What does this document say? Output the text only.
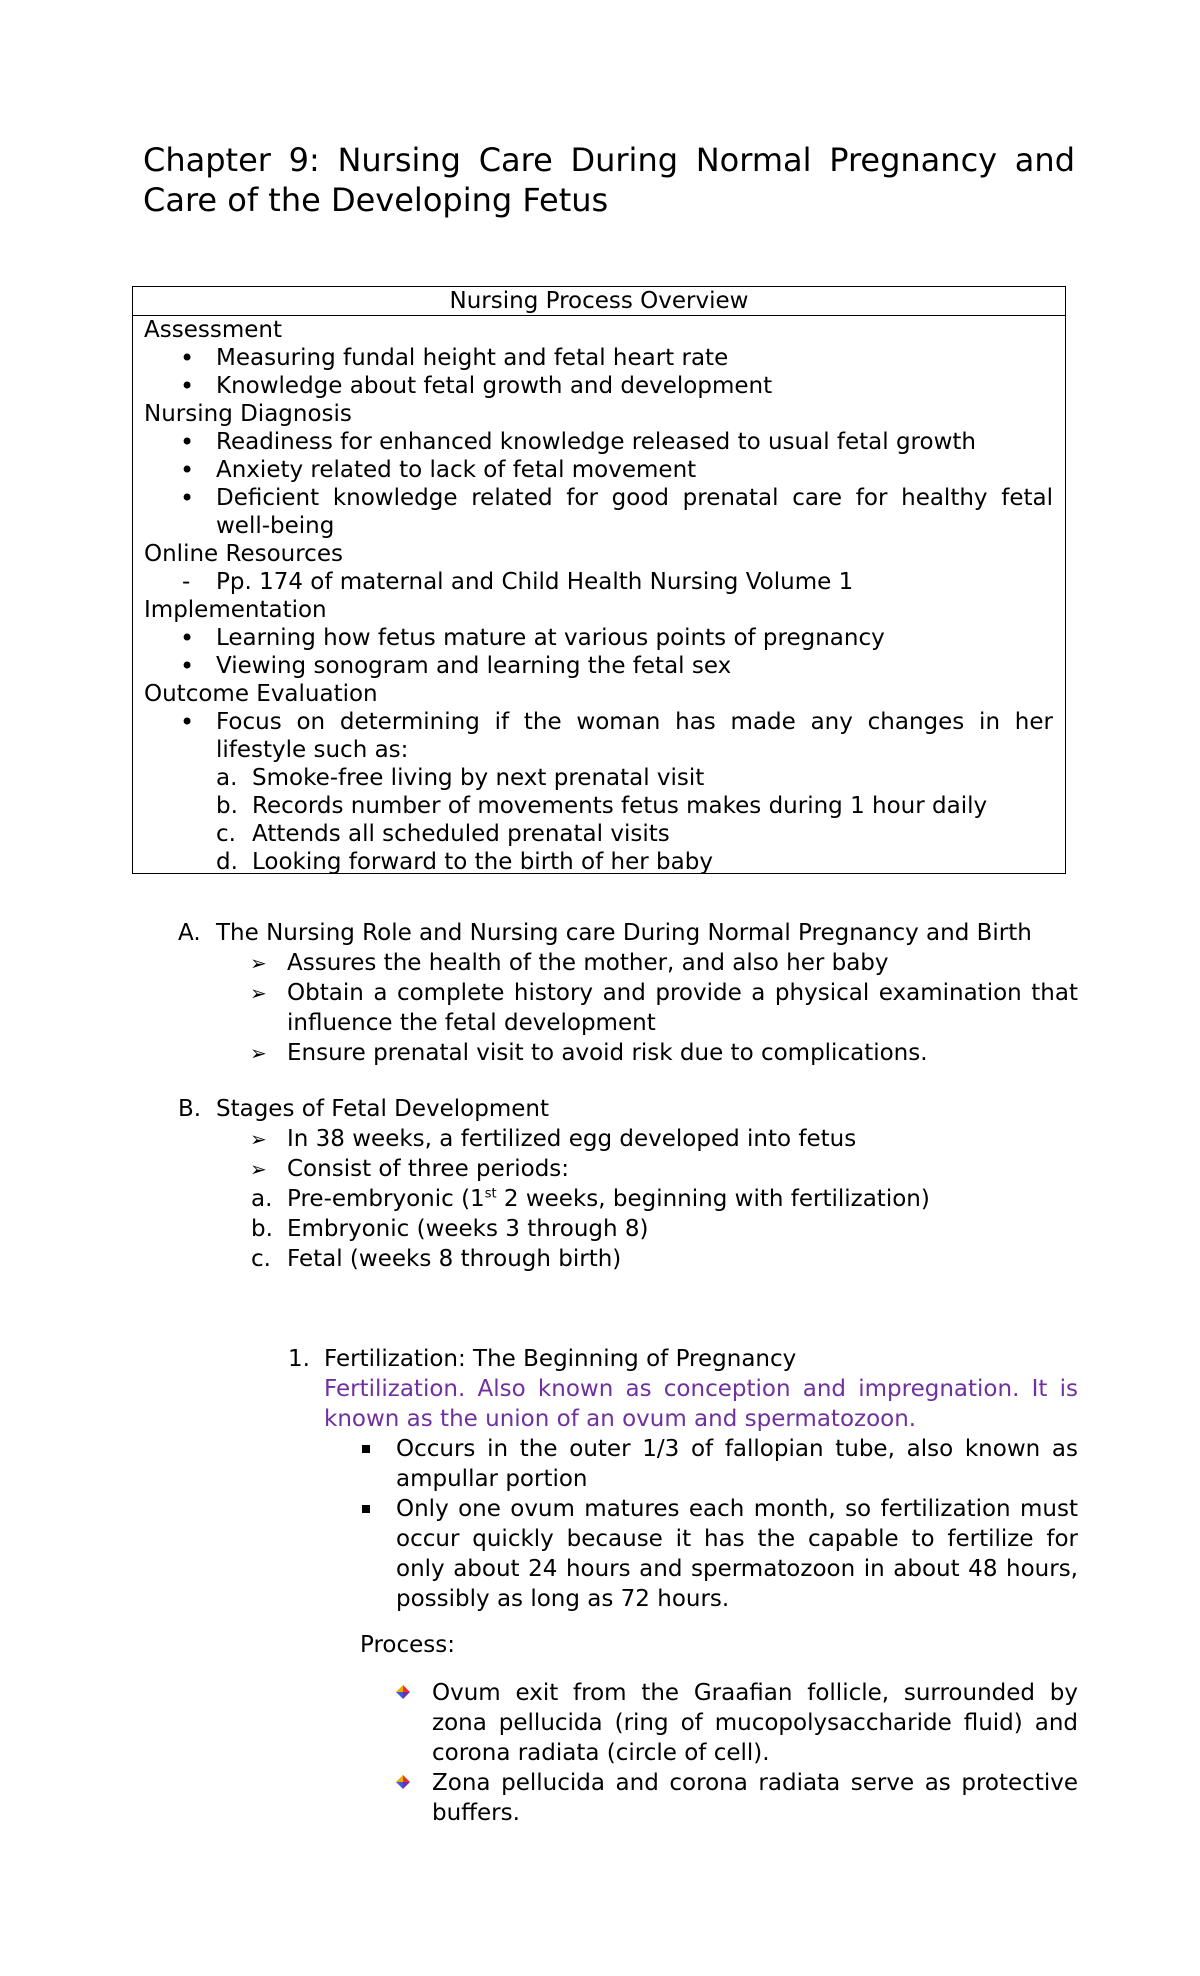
Chapter 9: Nursing Care During Normal Pregnancy and Care of the Developing Fetus
Nursing Process Overview
Assessment
• Measuring fundal height and fetal heart rate
• Knowledge about fetal growth and development
Nursing Diagnosis
• Readiness for enhanced knowledge released to usual fetal growth
• Anxiety related to lack of fetal movement
• Deficient knowledge related for good prenatal care for healthy fetal well-being
Online Resources
- Pp. 174 of maternal and Child Health Nursing Volume 1
Implementation
• Learning how fetus mature at various points of pregnancy
• Viewing sonogram and learning the fetal sex
Outcome Evaluation
• Focus on determining if the woman has made any changes in her lifestyle such as:
a. Smoke-free living by next prenatal visit
b. Records number of movements fetus makes during 1 hour daily
c. Attends all scheduled prenatal visits
d. Looking forward to the birth of her baby
A. The Nursing Role and Nursing care During Normal Pregnancy and Birth
➢ Assures the health of the mother, and also her baby
➢ Obtain a complete history and provide a physical examination that influence the fetal development
➢ Ensure prenatal visit to avoid risk due to complications.
B. Stages of Fetal Development
➢ In 38 weeks, a fertilized egg developed into fetus
➢ Consist of three periods:
a. Pre-embryonic (1st 2 weeks, beginning with fertilization)
b. Embryonic (weeks 3 through 8)
c. Fetal (weeks 8 through birth)
1. Fertilization: The Beginning of Pregnancy
Fertilization. Also known as conception and impregnation. It is known as the union of an ovum and spermatozoon.
Occurs in the outer 1/3 of fallopian tube, also known as ampullar portion
Only one ovum matures each month, so fertilization must occur quickly because it has the capable to fertilize for only about 24 hours and spermatozoon in about 48 hours, possibly as long as 72 hours.
Process:
Ovum exit from the Graafian follicle, surrounded by zona pellucida (ring of mucopolysaccharide fluid) and corona radiata (circle of cell).
Zona pellucida and corona radiata serve as protective buffers.
